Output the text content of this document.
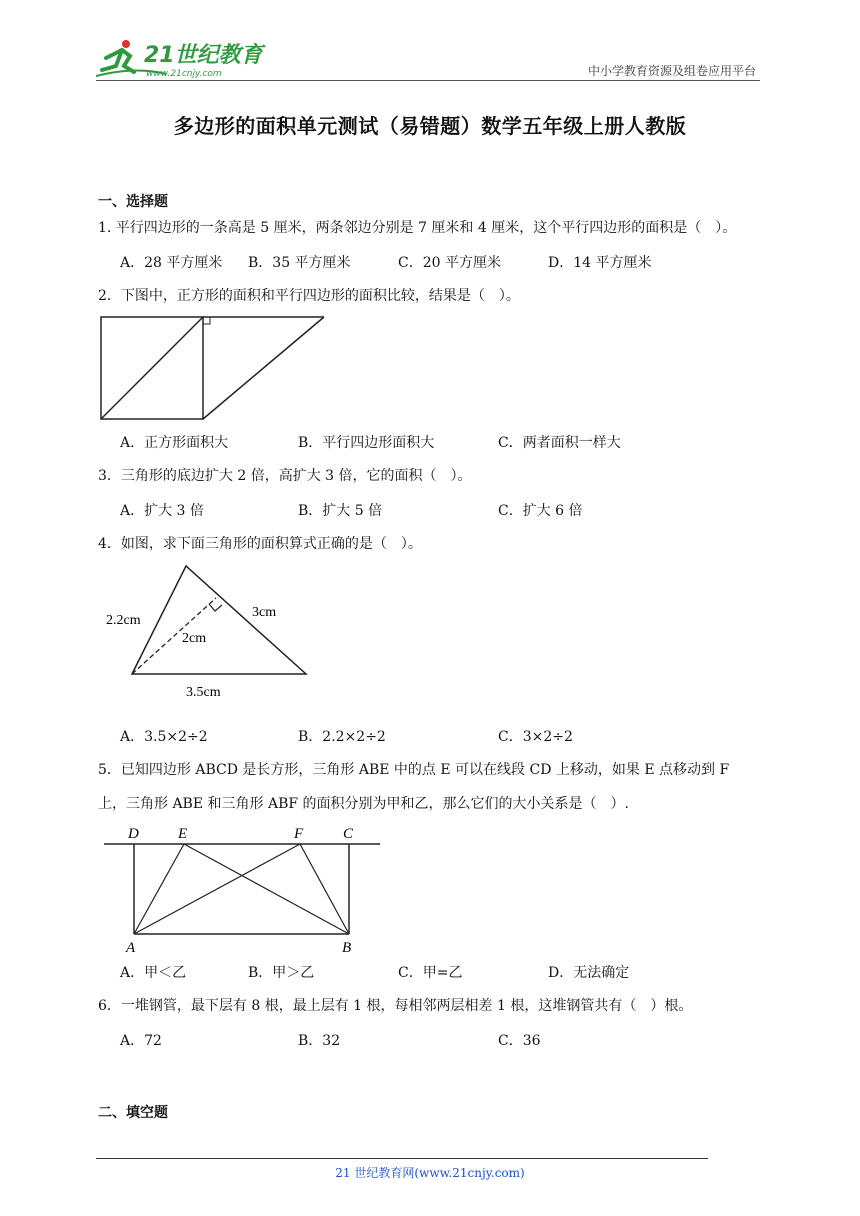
21世纪教育
www.21cnjy.com	中小学教育资源及组卷应用平台
多边形的面积单元测试（易错题）数学五年级上册人教版
一、选择题
1. 平行四边形的一条高是 5 厘米，两条邻边分别是 7 厘米和 4 厘米，这个平行四边形的面积是（　）。
A．28 平方厘米 B．35 平方厘米	C．20 平方厘米	D．14 平方厘米
2．下图中，正方形的面积和平行四边形的面积比较，结果是（　）。
A．正方形面积大	B．平行四边形面积大	C．两者面积一样大
3．三角形的底边扩大 2 倍，高扩大 3 倍，它的面积（　）。
A．扩大 3 倍	B．扩大 5 倍	C．扩大 6 倍
4．如图，求下面三角形的面积算式正确的是（　）。
2.2cm
3cm
2cm
3.5cm
A．3.5×2÷2	B．2.2×2÷2	C．3×2÷2
5．已知四边形 ABCD 是长方形，三角形 ABE 中的点 E 可以在线段 CD 上移动，如果 E 点移动到 F
上，三角形 ABE 和三角形 ABF 的面积分别为甲和乙，那么它们的大小关系是（　）.
D	E	F	C
A	B
A．甲＜乙	B．甲＞乙	C．甲=乙	D．无法确定
6．一堆钢管，最下层有 8 根，最上层有 1 根，每相邻两层相差 1 根，这堆钢管共有（　）根。
A．72	B．32	C．36
二、填空题
21 世纪教育网(www.21cnjy.com)
